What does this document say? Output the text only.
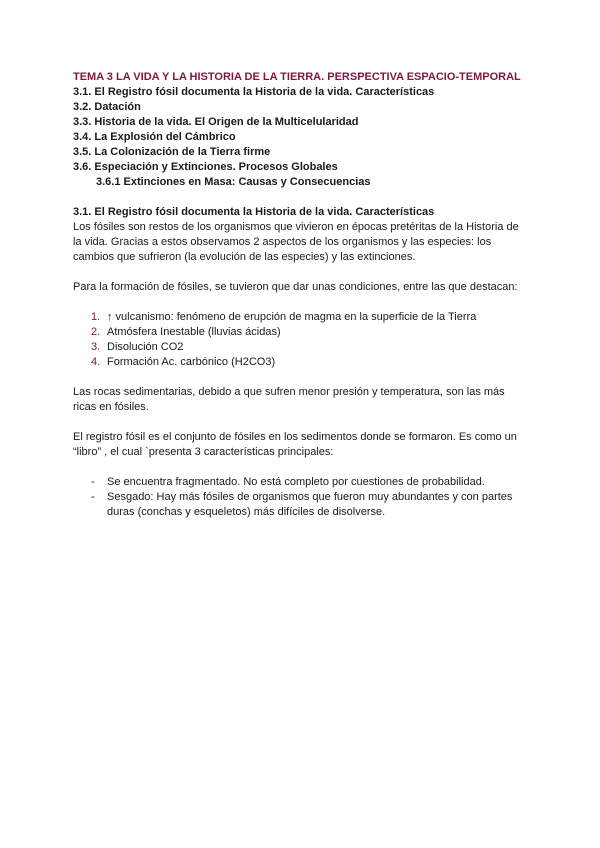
TEMA 3 LA VIDA Y LA HISTORIA DE LA TIERRA. PERSPECTIVA ESPACIO-TEMPORAL
3.1. El Registro fósil documenta la Historia de la vida. Características
3.2. Datación
3.3. Historia de la vida. El Origen de la Multicelularidad
3.4. La Explosión del Cámbrico
3.5. La Colonización de la Tierra firme
3.6. Especiación y Extinciones. Procesos Globales
3.6.1 Extinciones en Masa: Causas y Consecuencias
3.1. El Registro fósil documenta la Historia de la vida. Características

Los fósiles son restos de los organismos que vivieron en épocas pretéritas de la Historia de la vida. Gracias a estos observamos 2 aspectos de los organismos y las especies: los cambios que sufrieron (la evolución de las especies) y las extinciones.

Para la formación de fósiles, se tuvieron que dar unas condiciones, entre las que destacan:

1. ↑ vulcanismo: fenómeno de erupción de magma en la superficie de la Tierra
2. Atmósfera Inestable (lluvias ácidas)
3. Disolución CO2
4. Formación Ac. carbónico (H2CO3)

Las rocas sedimentarias, debido a que sufren menor presión y temperatura, son las más ricas en fósiles.

El registro fósil es el conjunto de fósiles en los sedimentos donde se formaron. Es como un “libro” , el cual `presenta 3 características principales:

- Se encuentra fragmentado. No está completo por cuestiones de probabilidad.
- Sesgado: Hay más fósiles de organismos que fueron muy abundantes y con partes duras (conchas y esqueletos) más difíciles de disolverse.
